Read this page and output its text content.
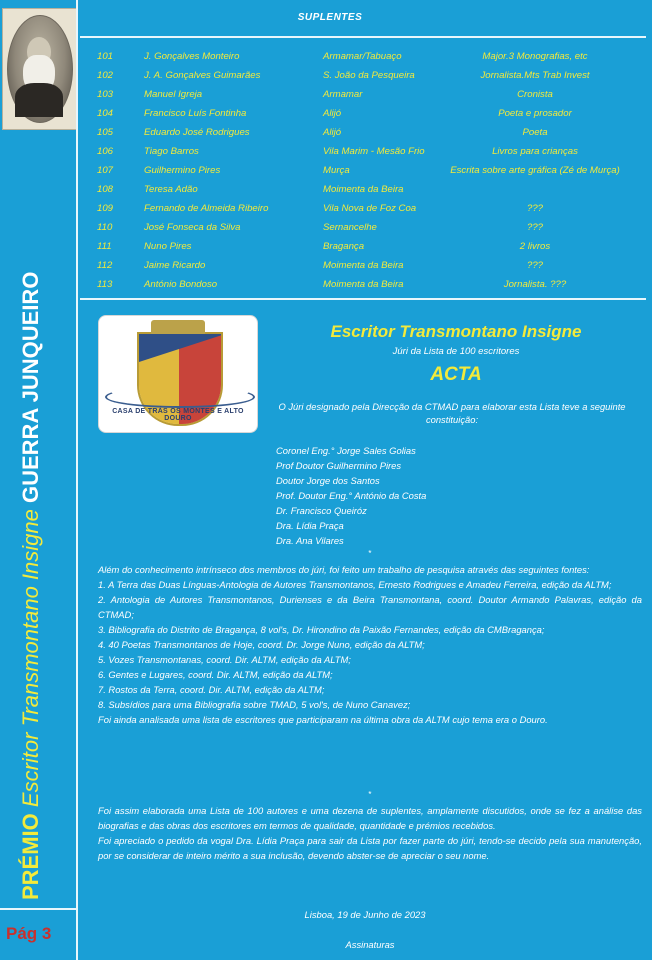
PRÉMIO Escritor Transmontano Insigne GUERRA JUNQUEIRO
Pág 3
SUPLENTES
101	J. Gonçalves Monteiro	Armamar/Tabuaço	Major.3 Monografias, etc
102	J. A. Gonçalves Guimarães	S. João da Pesqueira	Jornalista.Mts Trab Invest
103	Manuel Igreja	Armamar	Cronista
104	Francisco Luís Fontinha	Alijó	Poeta e prosador
105	Eduardo José Rodrigues	Alijó	Poeta
106	Tiago Barros	Vila Marim - Mesão Frio	Livros para crianças
107	Guilhermino Pires	Murça	Escrita sobre arte gráfica (Zé de Murça)
108	Teresa Adão	Moimenta da Beira
109	Fernando de Almeida Ribeiro	Vila Nova de Foz Coa	???
110	José Fonseca da Silva	Sernancelhe	???
111	Nuno Pires	Bragança	2 livros
112	Jaime Ricardo	Moimenta da Beira	???
113	António Bondoso	Moimenta da Beira	Jornalista. ???
CASA DE TRÁS OS MONTES E ALTO DOURO
Escritor Transmontano Insigne
Júri da Lista de 100 escritores
ACTA
O Júri designado pela Direcção da CTMAD para elaborar esta Lista teve a seguinte constituição:
Coronel Eng.° Jorge Sales Golias
Prof Doutor Guilhermino Pires
Doutor Jorge dos Santos
Prof. Doutor Eng.° António da Costa
Dr. Francisco Queiróz
Dra. Lídia Praça
Dra. Ana Vilares
*

Além do conhecimento intrínseco dos membros do júri, foi feito um trabalho de pesquisa através das seguintes fontes:

1. A Terra das Duas Línguas-Antologia de Autores Transmontanos, Ernesto Rodrigues e Amadeu Ferreira, edição da ALTM;

2. Antologia de Autores Transmontanos, Durienses e da Beira Transmontana, coord. Doutor Armando Palavras, edição da CTMAD;

3. Bibliografia do Distrito de Bragança, 8 vol's, Dr. Hirondino da Paixão Fernandes, edição da CMBragança;

4. 40 Poetas Transmontanos de Hoje, coord. Dr. Jorge Nuno, edição da ALTM;

5. Vozes Transmontanas, coord. Dir. ALTM, edição da ALTM;

6. Gentes e Lugares, coord. Dir. ALTM, edição da ALTM;

7. Rostos da Terra, coord. Dir. ALTM, edição da ALTM;

8. Subsídios para uma Bibliografia sobre TMAD, 5 vol's, de Nuno Canavez;

Foi ainda analisada uma lista de escritores que participaram na última obra da ALTM cujo tema era o Douro.

*

Foi assim elaborada uma Lista de 100 autores e uma dezena de suplentes, amplamente discutidos, onde se fez a análise das biografias e das obras dos escritores em termos de qualidade, quantidade e prémios recebidos.

Foi apreciado o pedido da vogal Dra. Lídia Praça para sair da Lista por fazer parte do júri, tendo-se decido pela sua manutenção, por se considerar de inteiro mérito a sua inclusão, devendo abster-se de apreciar o seu nome.

Lisboa, 19 de Junho de 2023
Assinaturas
